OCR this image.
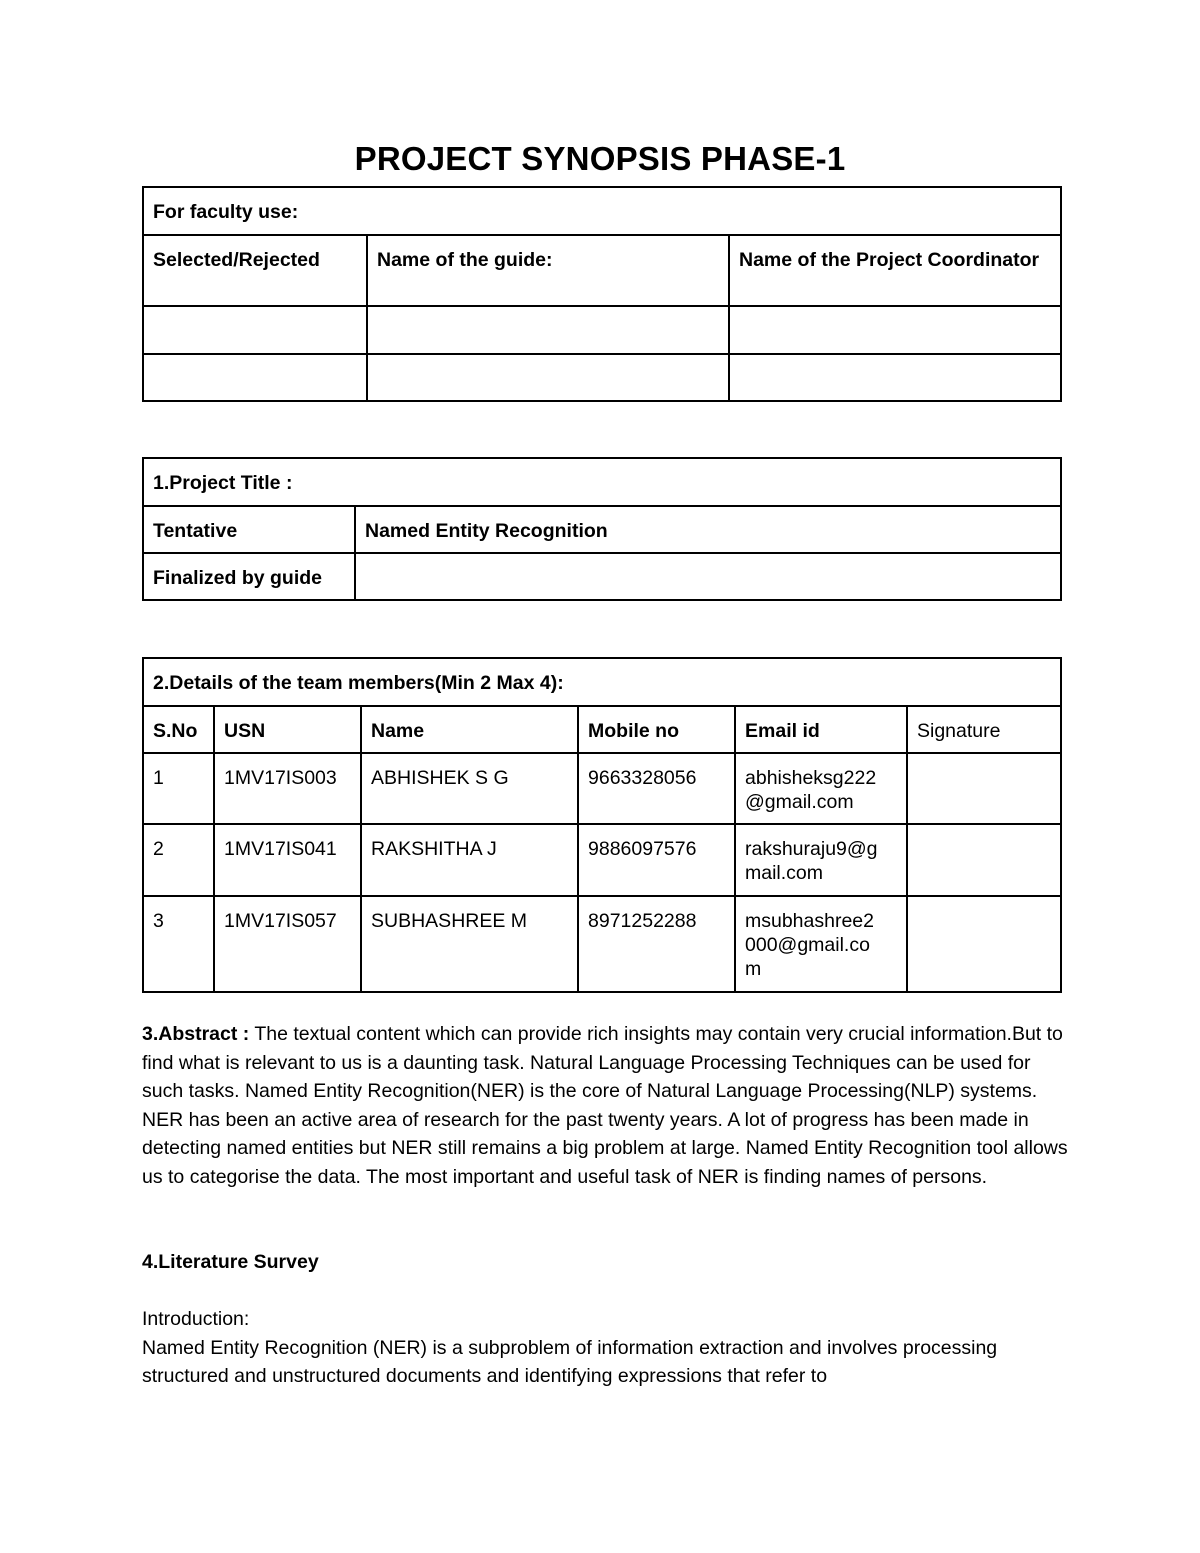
PROJECT SYNOPSIS PHASE-1
For faculty use:		
Selected/Rejected	Name of the guide:	Name of the Project Coordinator

1.Project Title :	
Tentative	Named Entity Recognition
Finalized by guide	
2.Details of the team members(Min 2 Max 4):					
S.No	USN	Name	Mobile no	Email id	Signature
1	1MV17IS003	ABHISHEK S G	9663328056	abhisheksg222
@gmail.com	

2	1MV17IS041	RAKSHITHA J	9886097576	rakshuraju9@g
mail.com	

3	1MV17IS057	SUBHASHREE M	8971252288	msubhashree2
000@gmail.co
m	

3.Abstract : The textual content which can provide rich insights may contain very crucial information.But to find what is relevant to us is a daunting task. Natural Language Processing Techniques can be used for such tasks. Named Entity Recognition(NER) is the core of Natural Language Processing(NLP) systems. NER has been an active area of research for the past twenty years. A lot of progress has been made in detecting named entities but NER still remains a big problem at large. Named Entity Recognition tool allows us to categorise the data. The most important and useful task of NER is finding names of persons.
4.Literature Survey
Introduction:
Named Entity Recognition (NER) is a subproblem of information extraction and involves processing structured and unstructured documents and identifying expressions that refer to
